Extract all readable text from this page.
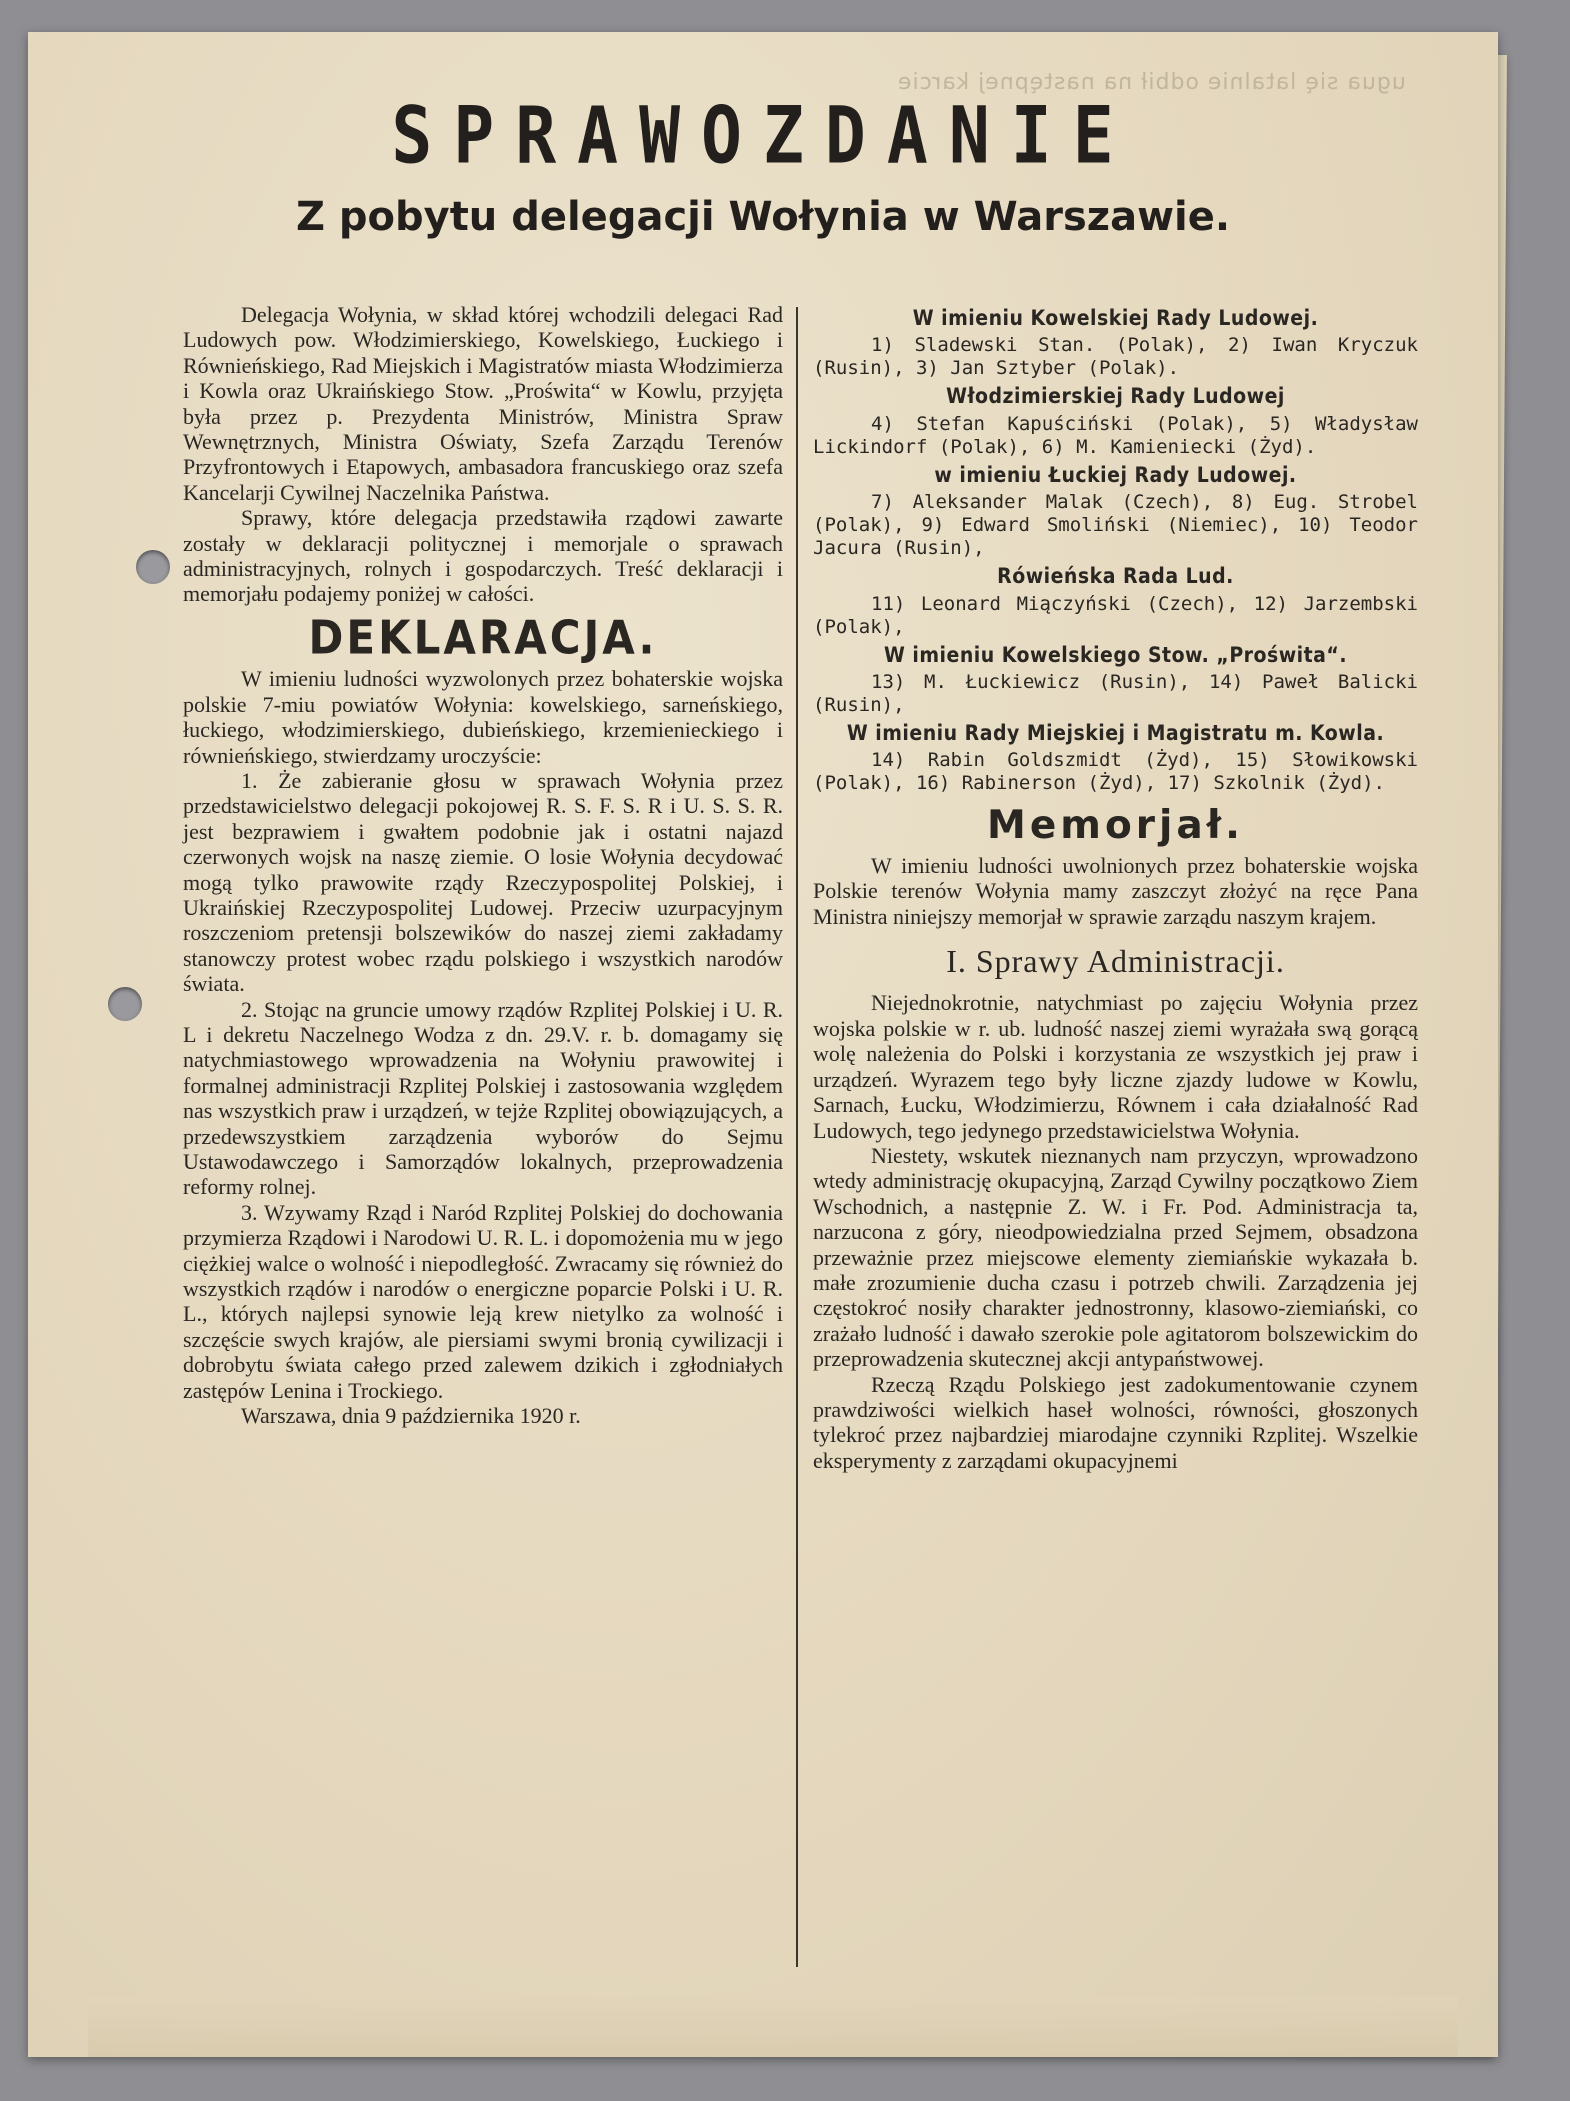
ugua się latalnie odbił na następnej karcie
SPRAWOZDANIE
Z pobytu delegacji Wołynia w Warszawie.

Delegacja Wołynia, w skład której wchodzili delegaci Rad Ludowych pow. Włodzimierskiego, Kowelskiego, Łuckiego i Równieńskiego, Rad Miejskich i Magistratów miasta Włodzimierza i Kowla oraz Ukraińskiego Stow. „Proświta“ w Kowlu, przyjęta była przez p. Prezydenta Ministrów, Ministra Spraw Wewnętrznych, Ministra Oświaty, Szefa Zarządu Terenów Przyfrontowych i Etapowych, ambasadora francuskiego oraz szefa Kancelarji Cywilnej Naczelnika Państwa.

Sprawy, które delegacja przedstawiła rządowi zawarte zostały w deklaracji politycznej i memorjale o sprawach administracyjnych, rolnych i gospodarczych. Treść deklaracji i memorjału podajemy poniżej w całości.

DEKLARACJA.

W imieniu ludności wyzwolonych przez bohaterskie wojska polskie 7-miu powiatów Wołynia: kowelskiego, sarneńskiego, łuckiego, włodzimierskiego, dubieńskiego, krzemienieckiego i równieńskiego, stwierdzamy uroczyście:

1. Że zabieranie głosu w sprawach Wołynia przez przedstawicielstwo delegacji pokojowej R. S. F. S. R i U. S. S. R. jest bezprawiem i gwałtem podobnie jak i ostatni najazd czerwonych wojsk na naszę ziemie. O losie Wołynia decydować mogą tylko prawowite rządy Rzeczypospolitej Polskiej, i Ukraińskiej Rzeczypospolitej Ludowej. Przeciw uzurpacyjnym roszczeniom pretensji bolszewików do naszej ziemi zakładamy stanowczy protest wobec rządu polskiego i wszystkich narodów świata.

2. Stojąc na gruncie umowy rządów Rzplitej Polskiej i U. R. L i dekretu Naczelnego Wodza z dn. 29.V. r. b. domagamy się natychmiastowego wprowadzenia na Wołyniu prawowitej i formalnej administracji Rzplitej Polskiej i zastosowania względem nas wszystkich praw i urządzeń, w tejże Rzplitej obowiązujących, a przedewszystkiem zarządzenia wyborów do Sejmu Ustawodawczego i Samorządów lokalnych, przeprowadzenia reformy rolnej.

3. Wzywamy Rząd i Naród Rzplitej Polskiej do dochowania przymierza Rządowi i Narodowi U. R. L. i dopomożenia mu w jego ciężkiej walce o wolność i niepodległość. Zwracamy się również do wszystkich rządów i narodów o energiczne poparcie Polski i U. R. L., których najlepsi synowie leją krew nietylko za wolność i szczęście swych krajów, ale piersiami swymi bronią cywilizacji i dobrobytu świata całego przed zalewem dzikich i zgłodniałych zastępów Lenina i Trockiego.

Warszawa, dnia 9 października 1920 r.

W imieniu Kowelskiej Rady Ludowej.

1) Sladewski Stan. (Polak), 2) Iwan Kryczuk (Rusin), 3) Jan Sztyber (Polak).

Włodzimierskiej Rady Ludowej

4) Stefan Kapuściński (Polak), 5) Władysław Lickindorf (Polak), 6) M. Kamieniecki (Żyd).

w imieniu Łuckiej Rady Ludowej.

7) Aleksander Malak (Czech), 8) Eug. Strobel (Polak), 9) Edward Smoliński (Niemiec), 10) Teodor Jacura (Rusin),

Rówieńska Rada Lud.

11) Leonard Miączyński (Czech), 12) Jarzembski (Polak),

W imieniu Kowelskiego Stow. „Proświta“.

13) M. Łuckiewicz (Rusin), 14) Paweł Balicki (Rusin),

W imieniu Rady Miejskiej i Magistratu m. Kowla.

14) Rabin Goldszmidt (Żyd), 15) Słowikowski (Polak), 16) Rabinerson (Żyd), 17) Szkolnik (Żyd).

Memorjał.

W imieniu ludności uwolnionych przez bohaterskie wojska Polskie terenów Wołynia mamy zaszczyt złożyć na ręce Pana Ministra niniejszy memorjał w sprawie zarządu naszym krajem.

I. Sprawy Administracji.

Niejednokrotnie, natychmiast po zajęciu Wołynia przez wojska polskie w r. ub. ludność naszej ziemi wyrażała swą gorącą wolę należenia do Polski i korzystania ze wszystkich jej praw i urządzeń. Wyrazem tego były liczne zjazdy ludowe w Kowlu, Sarnach, Łucku, Włodzimierzu, Równem i cała działalność Rad Ludowych, tego jedynego przedstawicielstwa Wołynia.

Niestety, wskutek nieznanych nam przyczyn, wprowadzono wtedy administrację okupacyjną, Zarząd Cywilny początkowo Ziem Wschodnich, a następnie Z. W. i Fr. Pod. Administracja ta, narzucona z góry, nieodpowiedzialna przed Sejmem, obsadzona przeważnie przez miejscowe elementy ziemiańskie wykazała b. małe zrozumienie ducha czasu i potrzeb chwili. Zarządzenia jej częstokroć nosiły charakter jednostronny, klasowo-ziemiański, co zrażało ludność i dawało szerokie pole agitatorom bolszewickim do przeprowadzenia skutecznej akcji antypaństwowej.

Rzeczą Rządu Polskiego jest zadokumentowanie czynem prawdziwości wielkich haseł wolności, równości, głoszonych tylekroć przez najbardziej miarodajne czynniki Rzplitej. Wszelkie eksperymenty z zarządami okupacyjnemi
